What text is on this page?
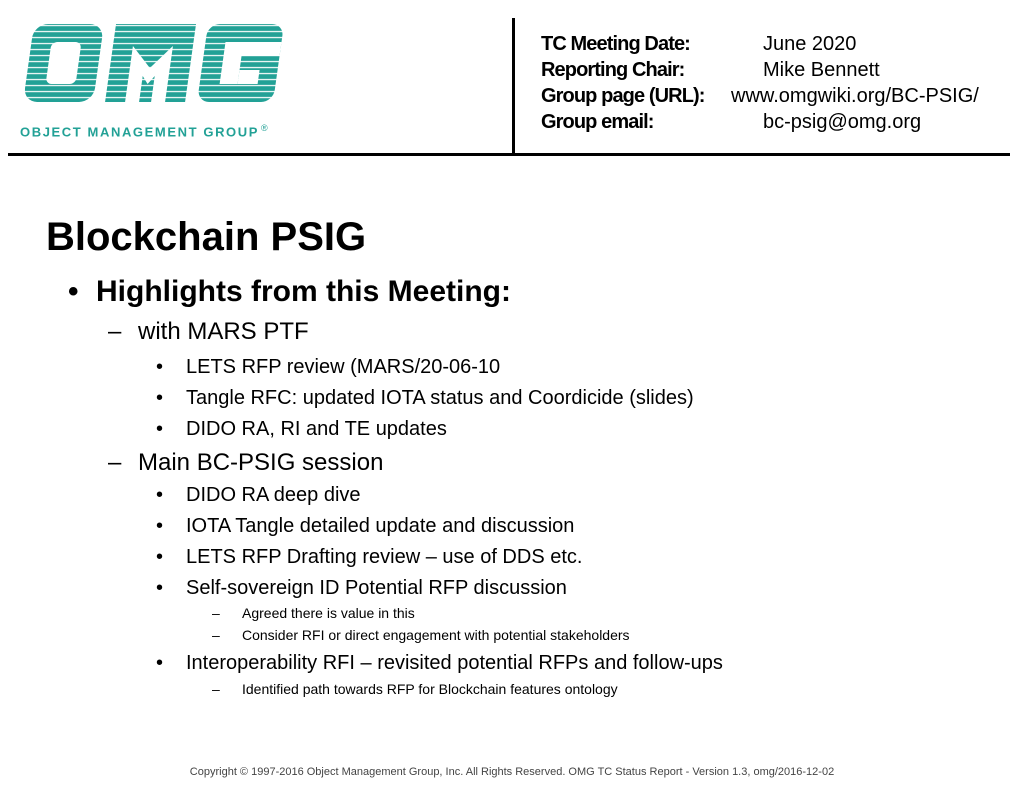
OBJECT MANAGEMENT GROUP ®
TC Meeting Date:	June 2020
Reporting Chair:	Mike Bennett
Group page (URL): www.omgwiki.org/BC-PSIG/
Group email:	bc-psig@omg.org
Blockchain PSIG
• Highlights from this Meeting:
– with MARS PTF
• LETS RFP review (MARS/20-06-10
• Tangle RFC: updated IOTA status and Coordicide (slides)
• DIDO RA, RI and TE updates
– Main BC-PSIG session
• DIDO RA deep dive
• IOTA Tangle detailed update and discussion
• LETS RFP Drafting review – use of DDS etc.
• Self-sovereign ID Potential RFP discussion
– Agreed there is value in this
– Consider RFI or direct engagement with potential stakeholders
• Interoperability RFI – revisited potential RFPs and follow-ups
– Identified path towards RFP for Blockchain features ontology
Copyright © 1997-2016 Object Management Group, Inc. All Rights Reserved. OMG TC Status Report - Version 1.3, omg/2016-12-02
